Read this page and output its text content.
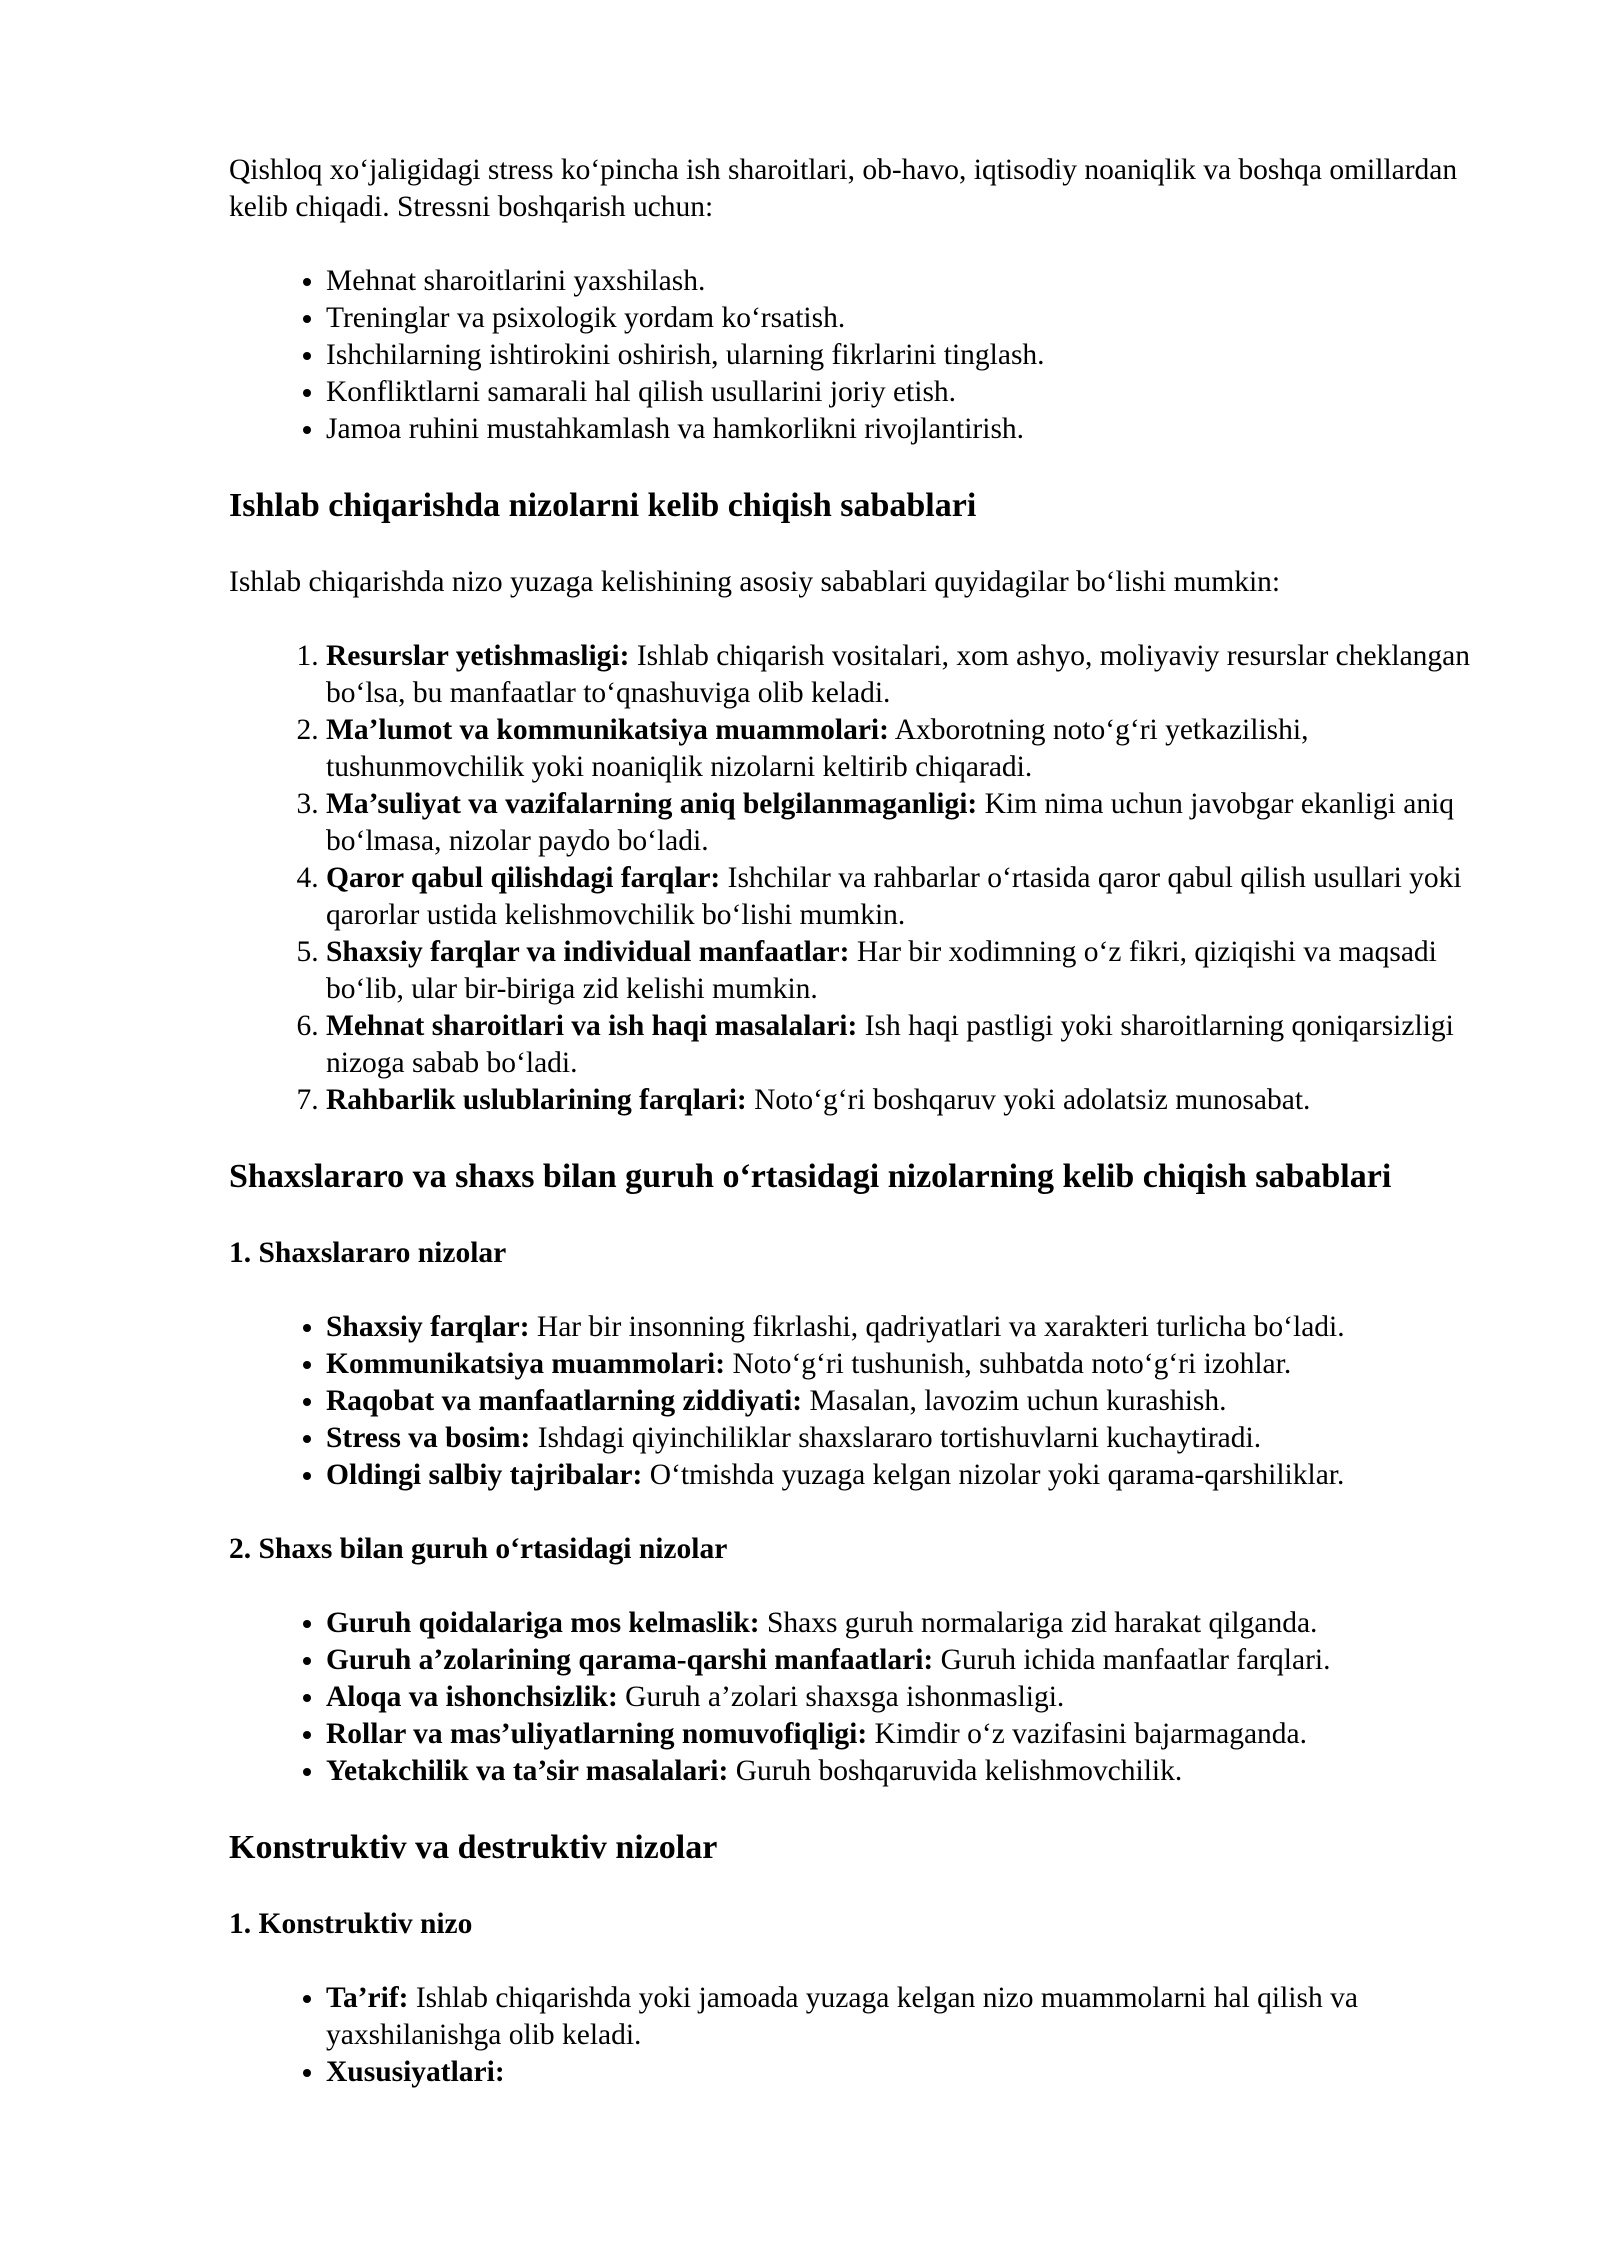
Qishloq xo‘jaligidagi stress ko‘pincha ish sharoitlari, ob-havo, iqtisodiy noaniqlik va boshqa omillardan kelib chiqadi. Stressni boshqarish uchun:

• Mehnat sharoitlarini yaxshilash.
• Treninglar va psixologik yordam ko‘rsatish.
• Ishchilarning ishtirokini oshirish, ularning fikrlarini tinglash.
• Konfliktlarni samarali hal qilish usullarini joriy etish.
• Jamoa ruhini mustahkamlash va hamkorlikni rivojlantirish.
Ishlab chiqarishda nizolarni kelib chiqish sabablari

Ishlab chiqarishda nizo yuzaga kelishining asosiy sabablari quyidagilar bo‘lishi mumkin:

1. Resurslar yetishmasligi: Ishlab chiqarish vositalari, xom ashyo, moliyaviy resurslar cheklangan bo‘lsa, bu manfaatlar to‘qnashuviga olib keladi.
2. Ma’lumot va kommunikatsiya muammolari: Axborotning noto‘g‘ri yetkazilishi, tushunmovchilik yoki noaniqlik nizolarni keltirib chiqaradi.
3. Ma’suliyat va vazifalarning aniq belgilanmaganligi: Kim nima uchun javobgar ekanligi aniq bo‘lmasa, nizolar paydo bo‘ladi.
4. Qaror qabul qilishdagi farqlar: Ishchilar va rahbarlar o‘rtasida qaror qabul qilish usullari yoki qarorlar ustida kelishmovchilik bo‘lishi mumkin.
5. Shaxsiy farqlar va individual manfaatlar: Har bir xodimning o‘z fikri, qiziqishi va maqsadi bo‘lib, ular bir-biriga zid kelishi mumkin.
6. Mehnat sharoitlari va ish haqi masalalari: Ish haqi pastligi yoki sharoitlarning qoniqarsizligi nizoga sabab bo‘ladi.
7. Rahbarlik uslublarining farqlari: Noto‘g‘ri boshqaruv yoki adolatsiz munosabat.
Shaxslararo va shaxs bilan guruh o‘rtasidagi nizolarning kelib chiqish sabablari
1. Shaxslararo nizolar
• Shaxsiy farqlar: Har bir insonning fikrlashi, qadriyatlari va xarakteri turlicha bo‘ladi.
• Kommunikatsiya muammolari: Noto‘g‘ri tushunish, suhbatda noto‘g‘ri izohlar.
• Raqobat va manfaatlarning ziddiyati: Masalan, lavozim uchun kurashish.
• Stress va bosim: Ishdagi qiyinchiliklar shaxslararo tortishuvlarni kuchaytiradi.
• Oldingi salbiy tajribalar: O‘tmishda yuzaga kelgan nizolar yoki qarama-qarshiliklar.
2. Shaxs bilan guruh o‘rtasidagi nizolar
• Guruh qoidalariga mos kelmaslik: Shaxs guruh normalariga zid harakat qilganda.
• Guruh a’zolarining qarama-qarshi manfaatlari: Guruh ichida manfaatlar farqlari.
• Aloqa va ishonchsizlik: Guruh a’zolari shaxsga ishonmasligi.
• Rollar va mas’uliyatlarning nomuvofiqligi: Kimdir o‘z vazifasini bajarmaganda.
• Yetakchilik va ta’sir masalalari: Guruh boshqaruvida kelishmovchilik.
Konstruktiv va destruktiv nizolar
1. Konstruktiv nizo
• Ta’rif: Ishlab chiqarishda yoki jamoada yuzaga kelgan nizo muammolarni hal qilish va yaxshilanishga olib keladi.
• Xususiyatlari:
